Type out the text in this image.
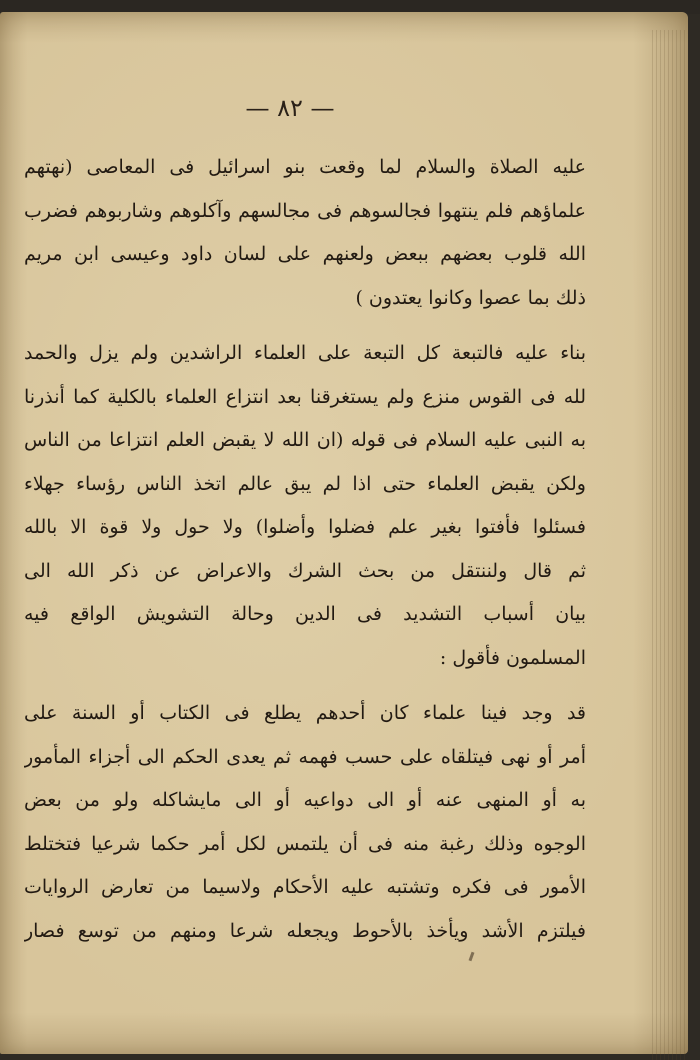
— ٨٢ —
عليه الصلاة والسلام لما وقعت بنو اسرائيل فى المعاصى (نهتهم
علماؤهم فلم ينتهوا فجالسوهم فى مجالسهم وآكلوهم وشاربوهم فضرب
الله قلوب بعضهم ببعض ولعنهم على لسان داود وعيسى ابن مريم
ذلك بما عصوا وكانوا يعتدون )
بناء عليه فالتبعة كل التبعة على العلماء الراشدين ولم يزل والحمد
لله فى القوس منزع ولم يستغرقنا بعد انتزاع العلماء بالكلية كما أنذرنا
به النبى عليه السلام فى قوله (ان الله لا يقبض العلم انتزاعا من الناس
ولكن يقبض العلماء حتى اذا لم يبق عالم اتخذ الناس رؤساء جهلاء
فسئلوا فأفتوا بغير علم فضلوا وأضلوا) ولا حول ولا قوة الا بالله
ثم قال ولننتقل من بحث الشرك والاعراض عن ذكر الله الى
بيان أسباب التشديد فى الدين وحالة التشويش الواقع فيه
المسلمون فأقول :
قد وجد فينا علماء كان أحدهم يطلع فى الكتاب أو السنة على
أمر أو نهى فيتلقاه على حسب فهمه ثم يعدى الحكم الى أجزاء المأمور
به أو المنهى عنه أو الى دواعيه أو الى مايشاكله ولو من بعض
الوجوه وذلك رغبة منه فى أن يلتمس لكل أمر حكما شرعيا فتختلط
الأمور فى فكره وتشتبه عليه الأحكام ولاسيما من تعارض الروايات
فيلتزم الأشد ويأخذ بالأحوط ويجعله شرعا ومنهم من توسع فصار
